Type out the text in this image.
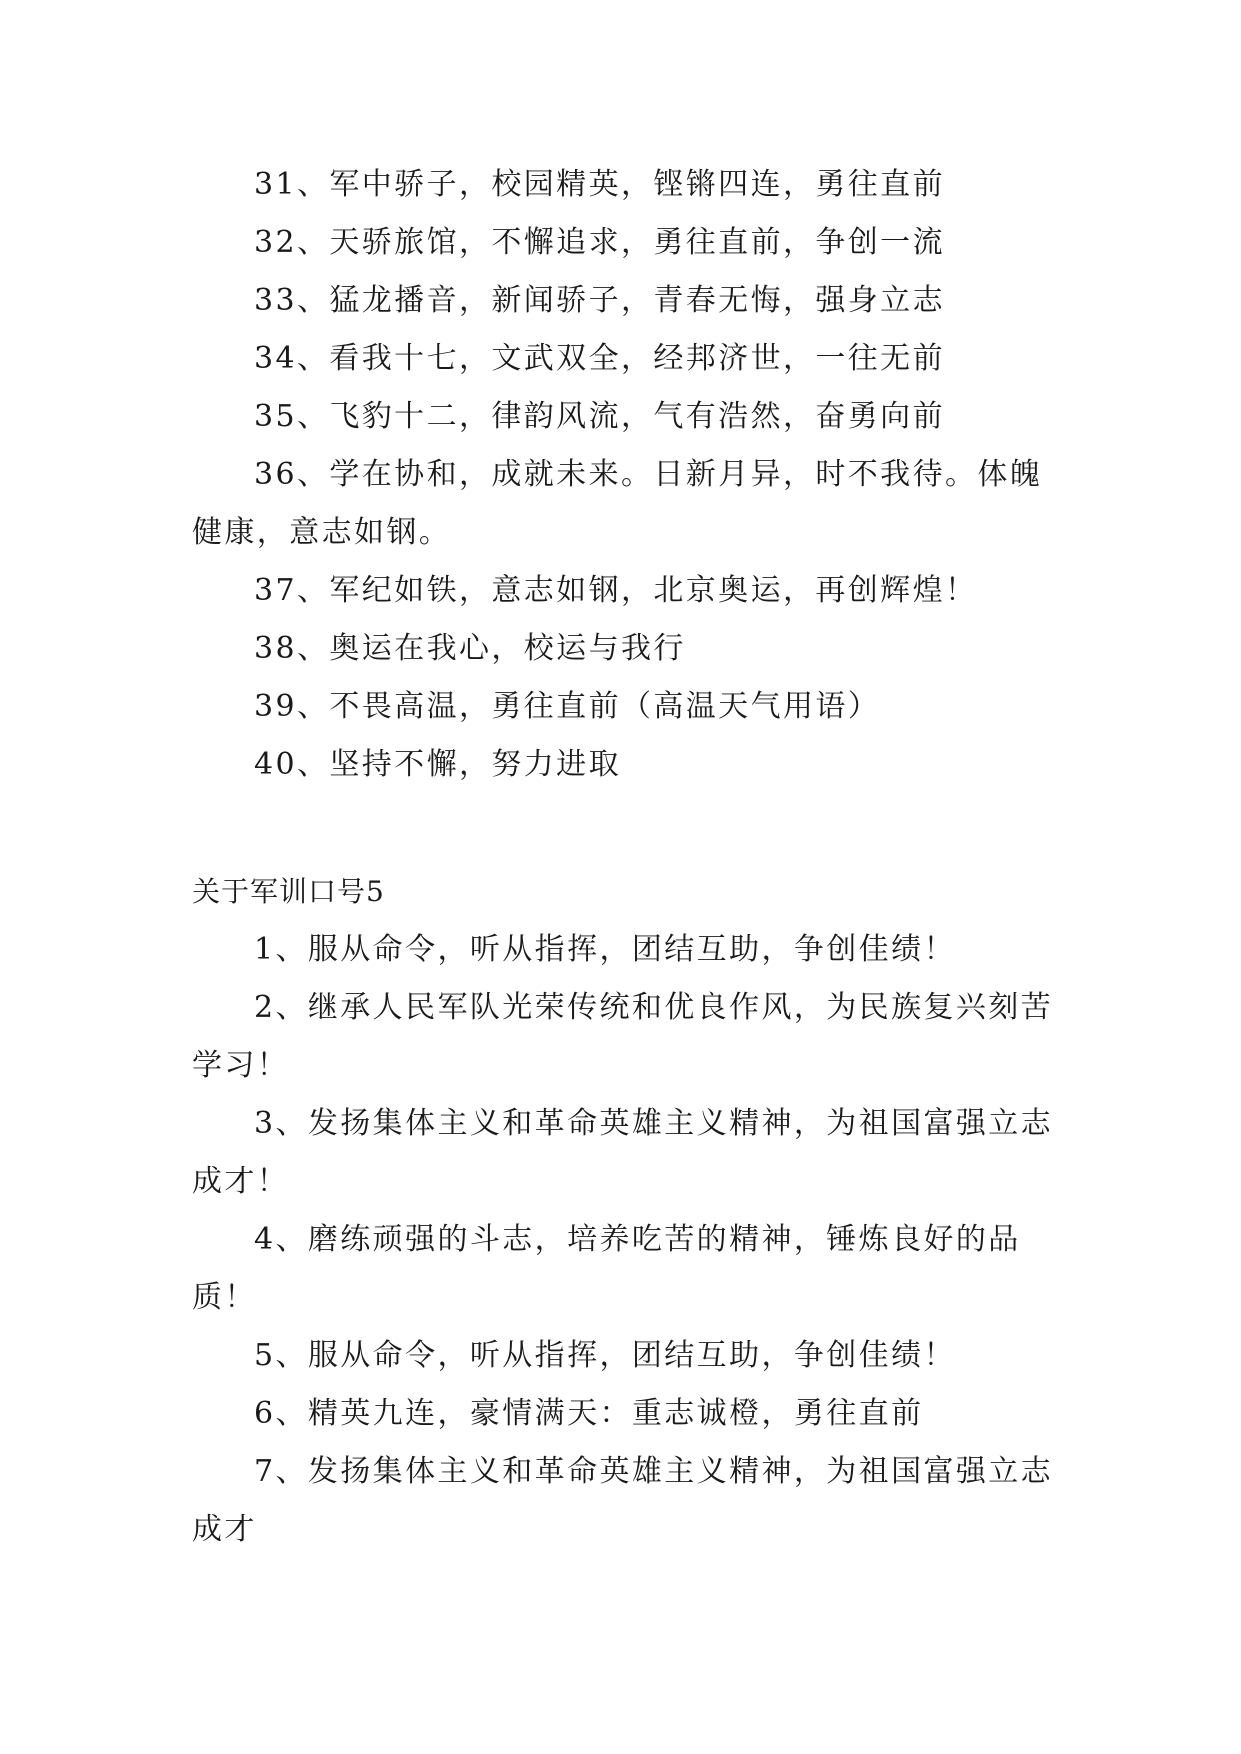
31、军中骄子，校园精英，铿锵四连，勇往直前

32、天骄旅馆，不懈追求，勇往直前，争创一流

33、猛龙播音，新闻骄子，青春无悔，强身立志

34、看我十七，文武双全，经邦济世，一往无前

35、飞豹十二，律韵风流，气有浩然，奋勇向前

36、学在协和，成就未来。日新月异，时不我待。体魄健康，意志如钢。

37、军纪如铁，意志如钢，北京奥运，再创辉煌！

38、奥运在我心，校运与我行

39、不畏高温，勇往直前（高温天气用语）

40、坚持不懈，努力进取

关于军训口号5

1、服从命令，听从指挥，团结互助，争创佳绩！

2、继承人民军队光荣传统和优良作风，为民族复兴刻苦学习！

3、发扬集体主义和革命英雄主义精神，为祖国富强立志成才！

4、磨练顽强的斗志，培养吃苦的精神，锤炼良好的品质！

5、服从命令，听从指挥，团结互助，争创佳绩！

6、精英九连，豪情满天：重志诚橙，勇往直前

7、发扬集体主义和革命英雄主义精神，为祖国富强立志成才
